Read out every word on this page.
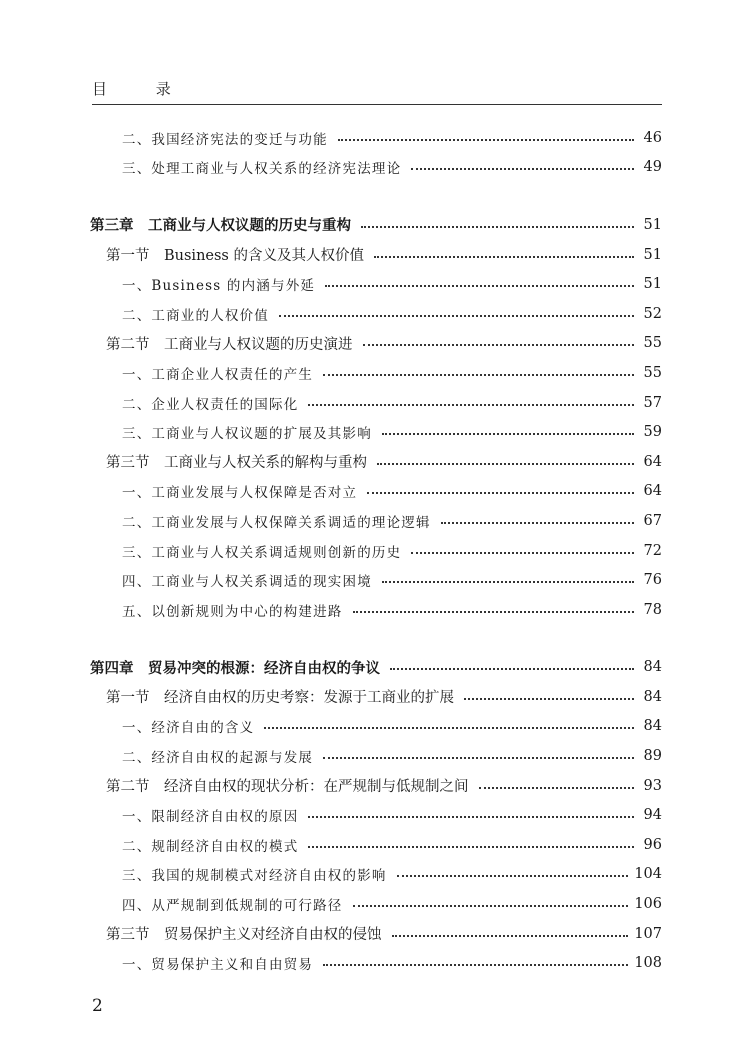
目 录
二、我国经济宪法的变迁与功能	46
三、处理工商业与人权关系的经济宪法理论	49
第三章　工商业与人权议题的历史与重构	51
第一节　Business 的含义及其人权价值	51
一、Business 的内涵与外延	51
二、工商业的人权价值	52
第二节　工商业与人权议题的历史演进	55
一、工商企业人权责任的产生	55
二、企业人权责任的国际化	57
三、工商业与人权议题的扩展及其影响	59
第三节　工商业与人权关系的解构与重构	64
一、工商业发展与人权保障是否对立	64
二、工商业发展与人权保障关系调适的理论逻辑	67
三、工商业与人权关系调适规则创新的历史	72
四、工商业与人权关系调适的现实困境	76
五、以创新规则为中心的构建进路	78
第四章　贸易冲突的根源：经济自由权的争议	84
第一节　经济自由权的历史考察：发源于工商业的扩展	84
一、经济自由的含义	84
二、经济自由权的起源与发展	89
第二节　经济自由权的现状分析：在严规制与低规制之间	93
一、限制经济自由权的原因	94
二、规制经济自由权的模式	96
三、我国的规制模式对经济自由权的影响	104
四、从严规制到低规制的可行路径	106
第三节　贸易保护主义对经济自由权的侵蚀	107
一、贸易保护主义和自由贸易	108
2
